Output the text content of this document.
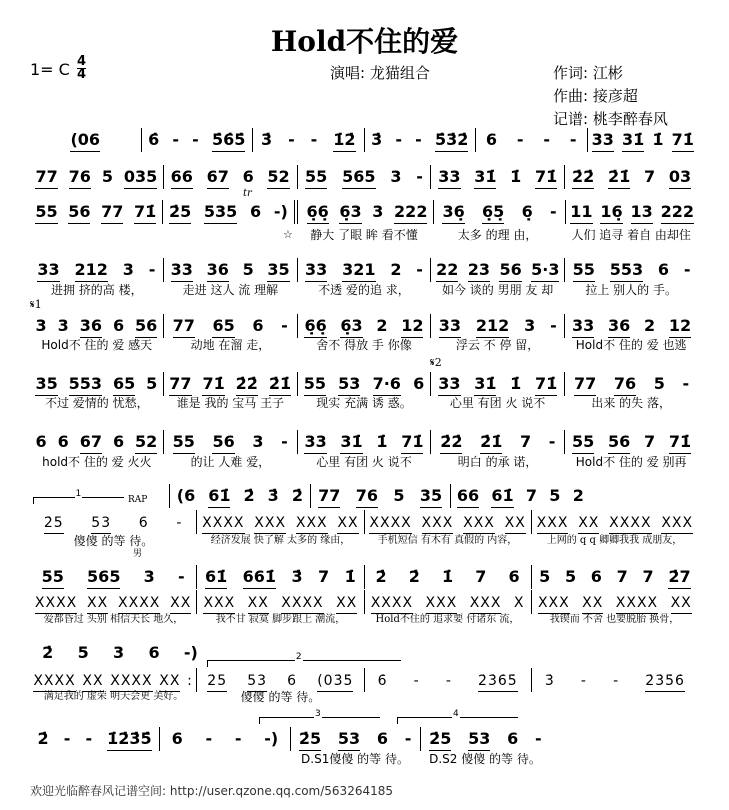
Hold不住的爱
1= C 4
4	演唱: 龙猫组合	作词: 江彬
作曲: 接彦超
记谱: 桃李醉春风
𝄋1
𝄋2
RAP
男
tr
☆
1
2
3	4
(06	6̇ - - 5̇6̇5̇ 3̇ - - 1̇2̇ 3̇ - - 5̇3̇2̇ 6 - - - 33 31̇ 1̇ 71̇
77 76 5 035 66 67 6 52 55 565 3 - 33 31̇ 1̇ 71̇ 2̇2̇ 2̇1̇ 7 03
55 56 77 71̇ 2̇5 535 6 -) 6̣6̣ 6̣3 3 222 36̣ 6̣5̣ 6̣ - 11 16̣ 13 222
静大 了眼 眸 看不懂	太多 的理 由，	人们 追寻 着自 由却住
33 212 3 - 33 36 5 35 33 321 2 - 22 23 56 5·3 55 553 6 -
进拥 挤的高 楼，	走进 这人 流 理解	不透 爱的追 求，	如今 谈的 男朋 友 却	拉上 别人的 手。
3 3 36 6 56 77 65 6 - 6̣6̣ 6̣3 2 12 33 212 3 - 33 36 2 12
Hold不 住的 爱 感天	动地 在溜 走，	舍不 得放 手 你像	浮云 不 停 留，	Hold不 住的 爱 也逃
35 553 65 5 77 71̇ 2̇2̇ 2̇1̇ 55 53 7·6 6 33 31̇ 1̇ 71̇ 77 76 5 -
不过 爱情的 忧愁，	谁是 我的 宝马 王子	现实 充满 诱 惑。	心里 有团 火 说不	出来 的失 落，
6 6 67 6 52 55 56 3 - 33 31̇ 1̇ 71̇ 2̇2̇ 2̇1̇ 7 - 55 56 7 71̇
hold不 住的 爱 火火	的让 人难 爱，	心里 有团 火 说不	明白 的承 诺，	Hold不 住的 爱 别再
(6 61̇ 2̇ 3̇ 2̇ 77 76 5 35 66 61̇ 7 5 2
2̇5 53 6 - XXXX XXX XXX XX XXXX XXX XXX XX XXX XX XXXX XXX
傻傻 的等 待。	经济发展 快了解 太多的 缘由，	手机短信 有木有 真假的 内容，	上网的 q q 卿卿我我 成朋友，
55 565 3 - 61̇ 661̇ 3̇ 7 1̇ 2̇ 2̇ 1̇ 7 6 5 5 6 7 7 2̇7
XXXX XX XXXX XX XXX XX XXXX XX XXXX XXX XXX X XXX XX XXXX XX
爱都昏过 头别 相信天长 地久，	我不甘 寂寞 脚步跟上 潮流，	Hold不住的 追求要 付诸东 流，	我锲而 不舍 也要脱胎 换骨，
2̇ 5 3 6 -)
XXXX XX XXXX XX : 2̇5 53 6 (03̇5̇ 6̇ - - 2̇3̇6̇5̇ 3̇ - - 2̇3̇5̇6̇
满足我的 虚荣 明天会更 美好。	傻傻 的等 待。
2̇ - - 1̇2̇3̇5̇ 6 - - -) 2̇5 53 6 - 2̇5 53 6 -
D.S1傻傻 的等 待。	D.S2 傻傻 的等 待。
欢迎光临醉春风记谱空间: http://user.qzone.qq.com/563264185
